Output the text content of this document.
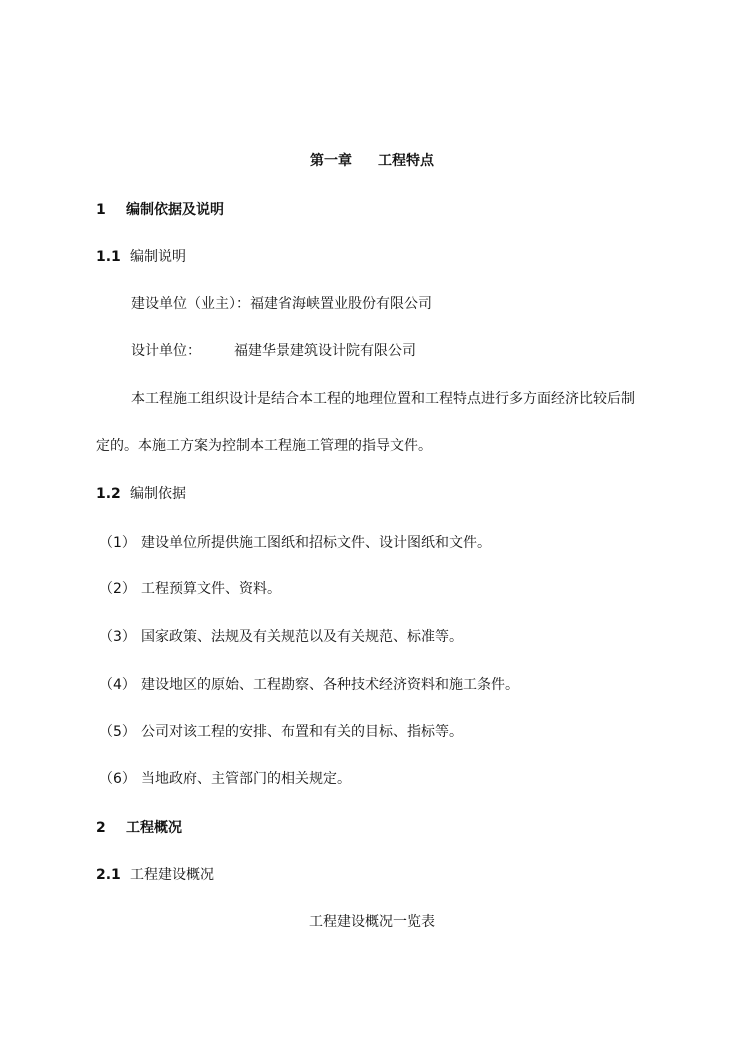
第一章 工程特点
1 编制依据及说明
1.1 编制说明
建设单位（业主）：福建省海峡置业股份有限公司
设计单位： 福建华景建筑设计院有限公司
本工程施工组织设计是结合本工程的地理位置和工程特点进行多方面经济比较后制
定的。本施工方案为控制本工程施工管理的指导文件。
1.2 编制依据
（1） 建设单位所提供施工图纸和招标文件、设计图纸和文件。
（2） 工程预算文件、资料。
（3） 国家政策、法规及有关规范以及有关规范、标准等。
（4） 建设地区的原始、工程勘察、各种技术经济资料和施工条件。
（5） 公司对该工程的安排、布置和有关的目标、指标等。
（6） 当地政府、主管部门的相关规定。
2 工程概况
2.1 工程建设概况
工程建设概况一览表
